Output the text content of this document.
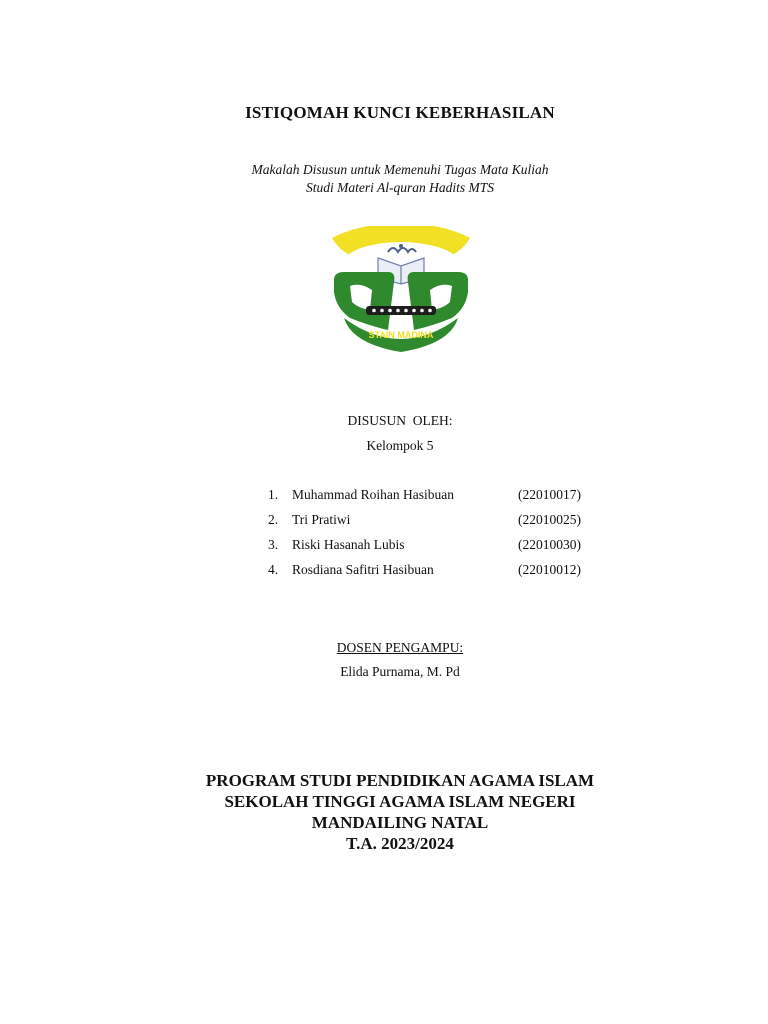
ISTIQOMAH KUNCI KEBERHASILAN
Makalah Disusun untuk Memenuhi Tugas Mata Kuliah
Studi Materi Al-quran Hadits MTS
STAIN MADINA
DISUSUN  OLEH:
Kelompok 5
1.	Muhammad Roihan Hasibuan	(22010017)
2.	Tri Pratiwi	(22010025)
3.	Riski Hasanah Lubis	(22010030)
4.	Rosdiana Safitri Hasibuan	(22010012)
DOSEN PENGAMPU:
Elida Purnama, M. Pd
PROGRAM STUDI PENDIDIKAN AGAMA ISLAM
SEKOLAH TINGGI AGAMA ISLAM NEGERI
MANDAILING NATAL
T.A. 2023/2024
